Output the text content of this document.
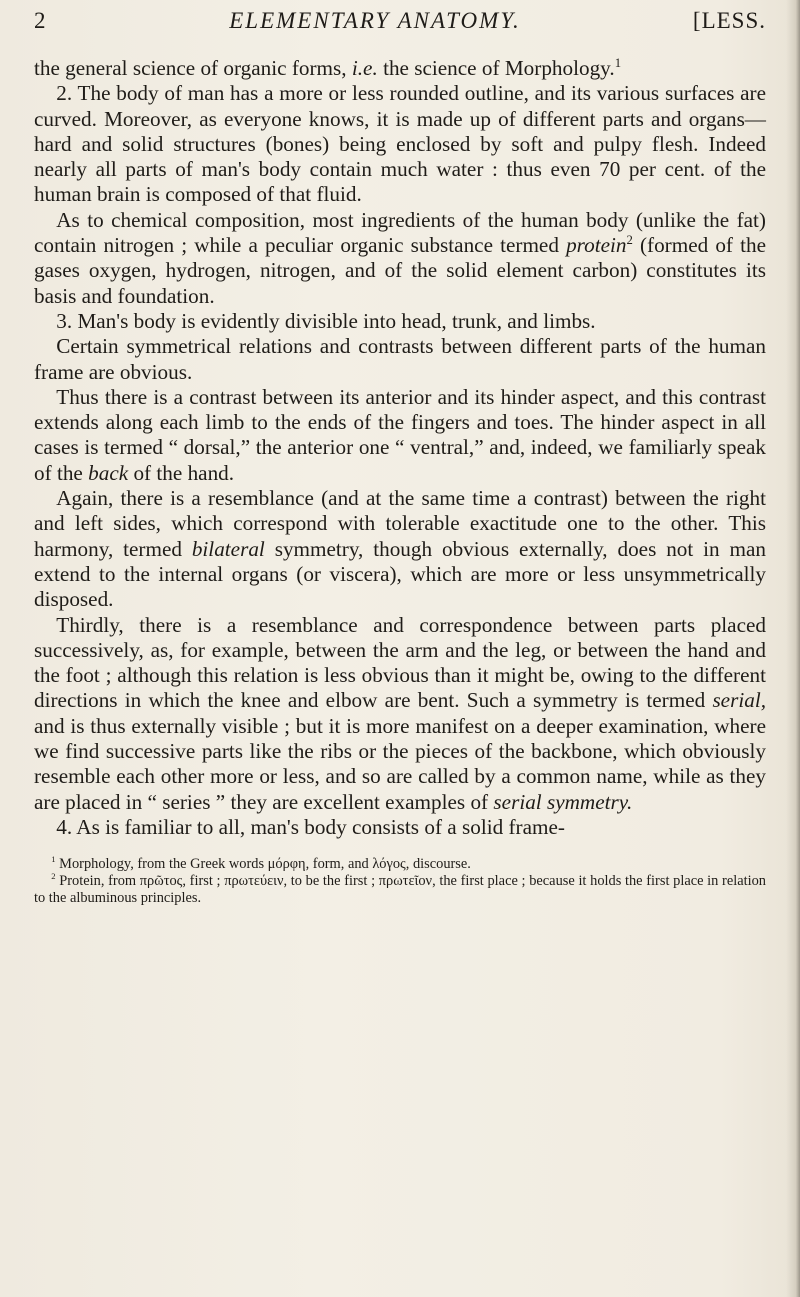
2	ELEMENTARY ANATOMY.	[LESS.

the general science of organic forms, i.e. the science of Morphology.$^1$

2. The body of man has a more or less rounded outline, and its various surfaces are curved. Moreover, as everyone knows, it is made up of different parts and organs—hard and solid structures (bones) being enclosed by soft and pulpy flesh. Indeed nearly all parts of man's body contain much water : thus even 70 per cent. of the human brain is composed of that fluid.

As to chemical composition, most ingredients of the human body (unlike the fat) contain nitrogen ; while a peculiar organic substance termed protein$^2$ (formed of the gases oxygen, hydrogen, nitrogen, and of the solid element carbon) constitutes its basis and foundation.

3. Man's body is evidently divisible into head, trunk, and limbs.

Certain symmetrical relations and contrasts between different parts of the human frame are obvious.

Thus there is a contrast between its anterior and its hinder aspect, and this contrast extends along each limb to the ends of the fingers and toes. The hinder aspect in all cases is termed “ dorsal,” the anterior one “ ventral,” and, indeed, we familiarly speak of the back of the hand.

Again, there is a resemblance (and at the same time a contrast) between the right and left sides, which correspond with tolerable exactitude one to the other. This harmony, termed bilateral symmetry, though obvious externally, does not in man extend to the internal organs (or viscera), which are more or less unsymmetrically disposed.

Thirdly, there is a resemblance and correspondence between parts placed successively, as, for example, between the arm and the leg, or between the hand and the foot ; although this relation is less obvious than it might be, owing to the different directions in which the knee and elbow are bent. Such a symmetry is termed serial, and is thus externally visible ; but it is more manifest on a deeper examination, where we find successive parts like the ribs or the pieces of the backbone, which obviously resemble each other more or less, and so are called by a common name, while as they are placed in “ series ” they are excellent examples of serial symmetry.

4. As is familiar to all, man's body consists of a solid frame-

$^1$ Morphology, from the Greek words μόρφη, form, and λόγος, discourse.

$^2$ Protein, from πρῶτος, first ; πρωτεύειν, to be the first ; πρωτεῖον, the first place ; because it holds the first place in relation to the albuminous principles.
